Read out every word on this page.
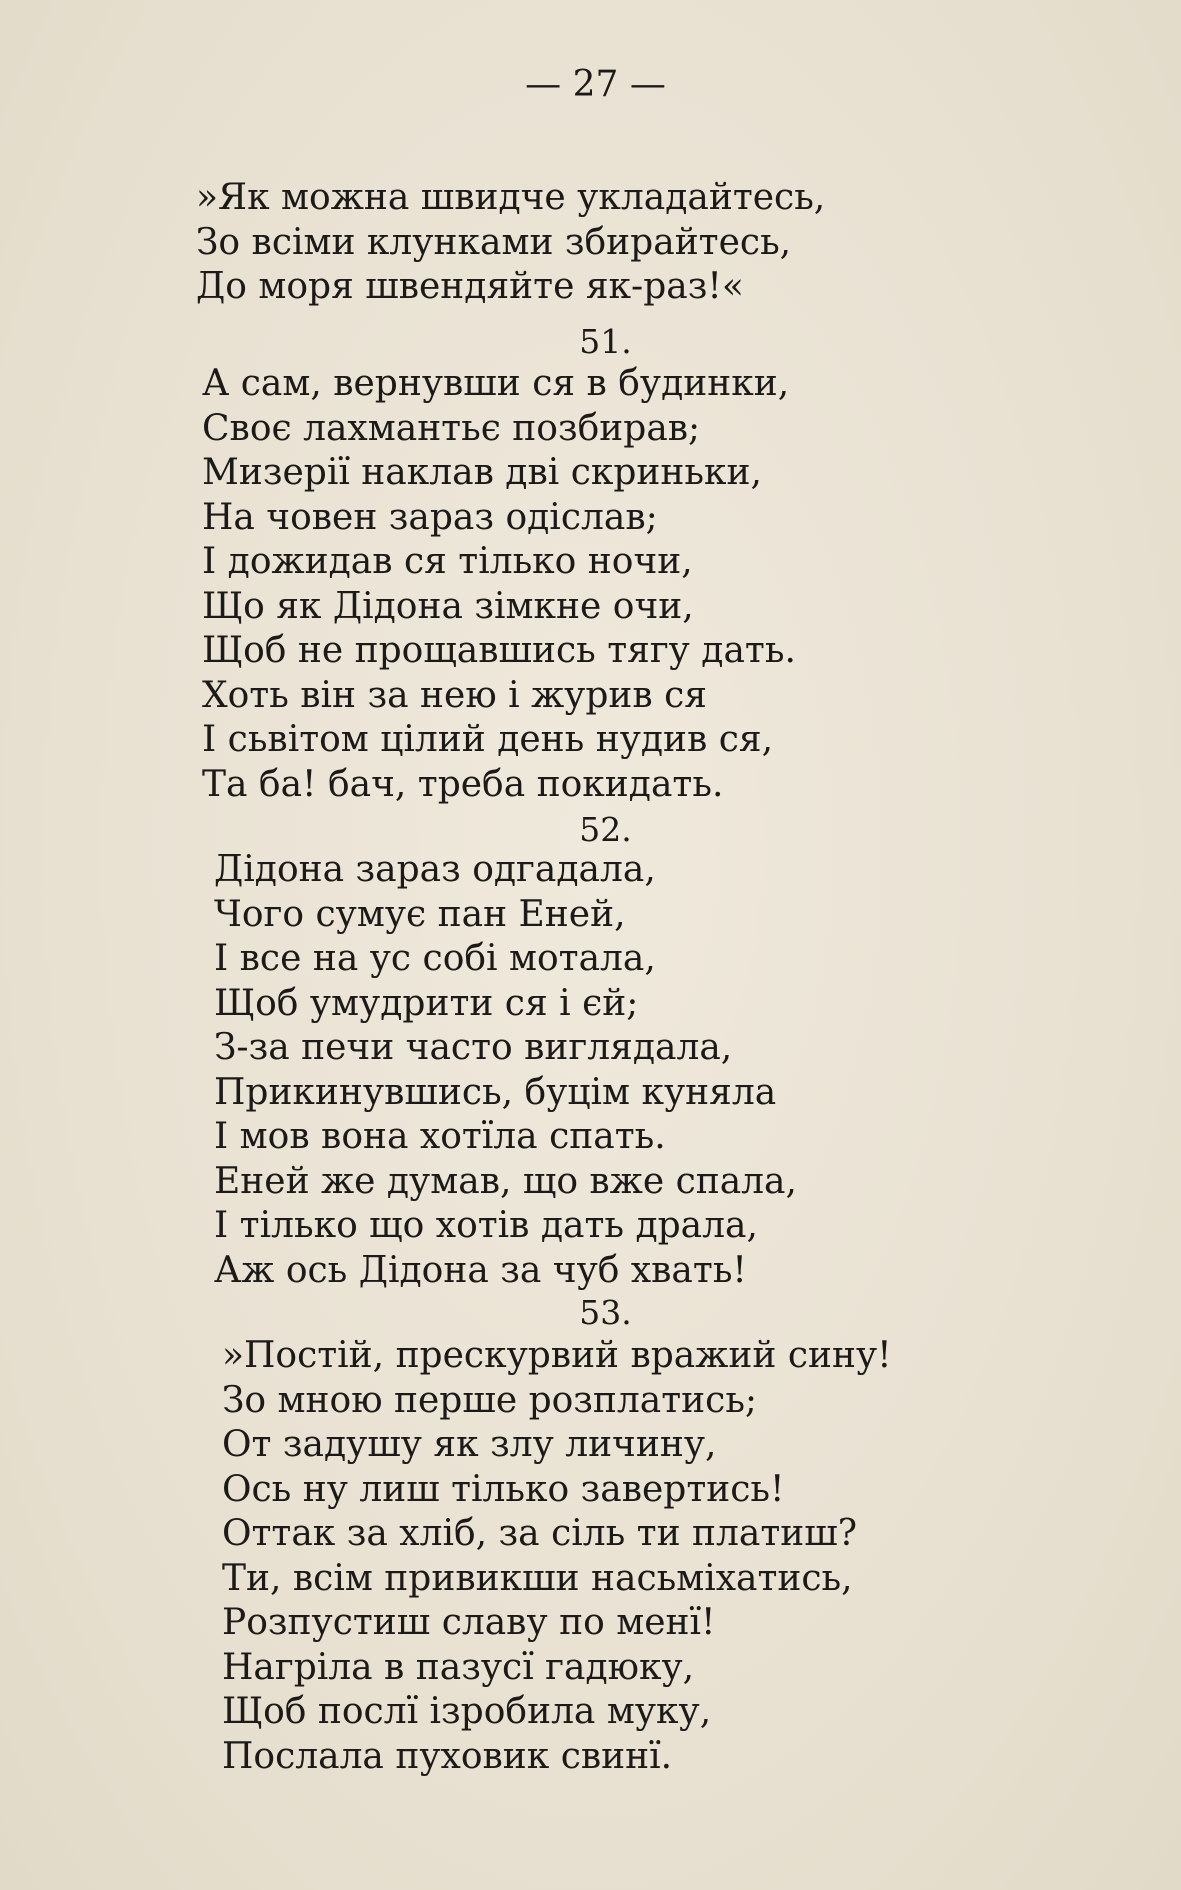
— 27 —
»Як можна швидче укладайтесь,
Зо всіми клунками збирайтесь,
До моря швендяйте як-раз!«
51.
А сам, вернувши ся в будинки,
Своє лахмантьє позбирав;
Мизерії наклав дві скриньки,
На човен зараз одіслав;
І дожидав ся тілько ночи,
Що як Дідона зімкне очи,
Щоб не прощавшись тягу дать.
Хоть він за нею і журив ся
І сьвітом цілий день нудив ся,
Та ба! бач, треба покидать.
52.
Дідона зараз одгадала,
Чого сумує пан Еней,
І все на ус собі мотала,
Щоб умудрити ся і єй;
З-за печи часто виглядала,
Прикинувшись, буцім куняла
І мов вона хотїла спать.
Еней же думав, що вже спала,
І тілько що хотів дать драла,
Аж ось Дідона за чуб хвать!
53.
»Постій, прескурвий вражий сину!
Зо мною перше розплатись;
От задушу як злу личину,
Ось ну лиш тілько завертись!
Оттак за хліб, за сіль ти платиш?
Ти, всім привикши насьміхатись,
Розпустиш славу по менї!
Нагріла в пазусї гадюку,
Щоб послї ізробила муку,
Послала пуховик свинї.
